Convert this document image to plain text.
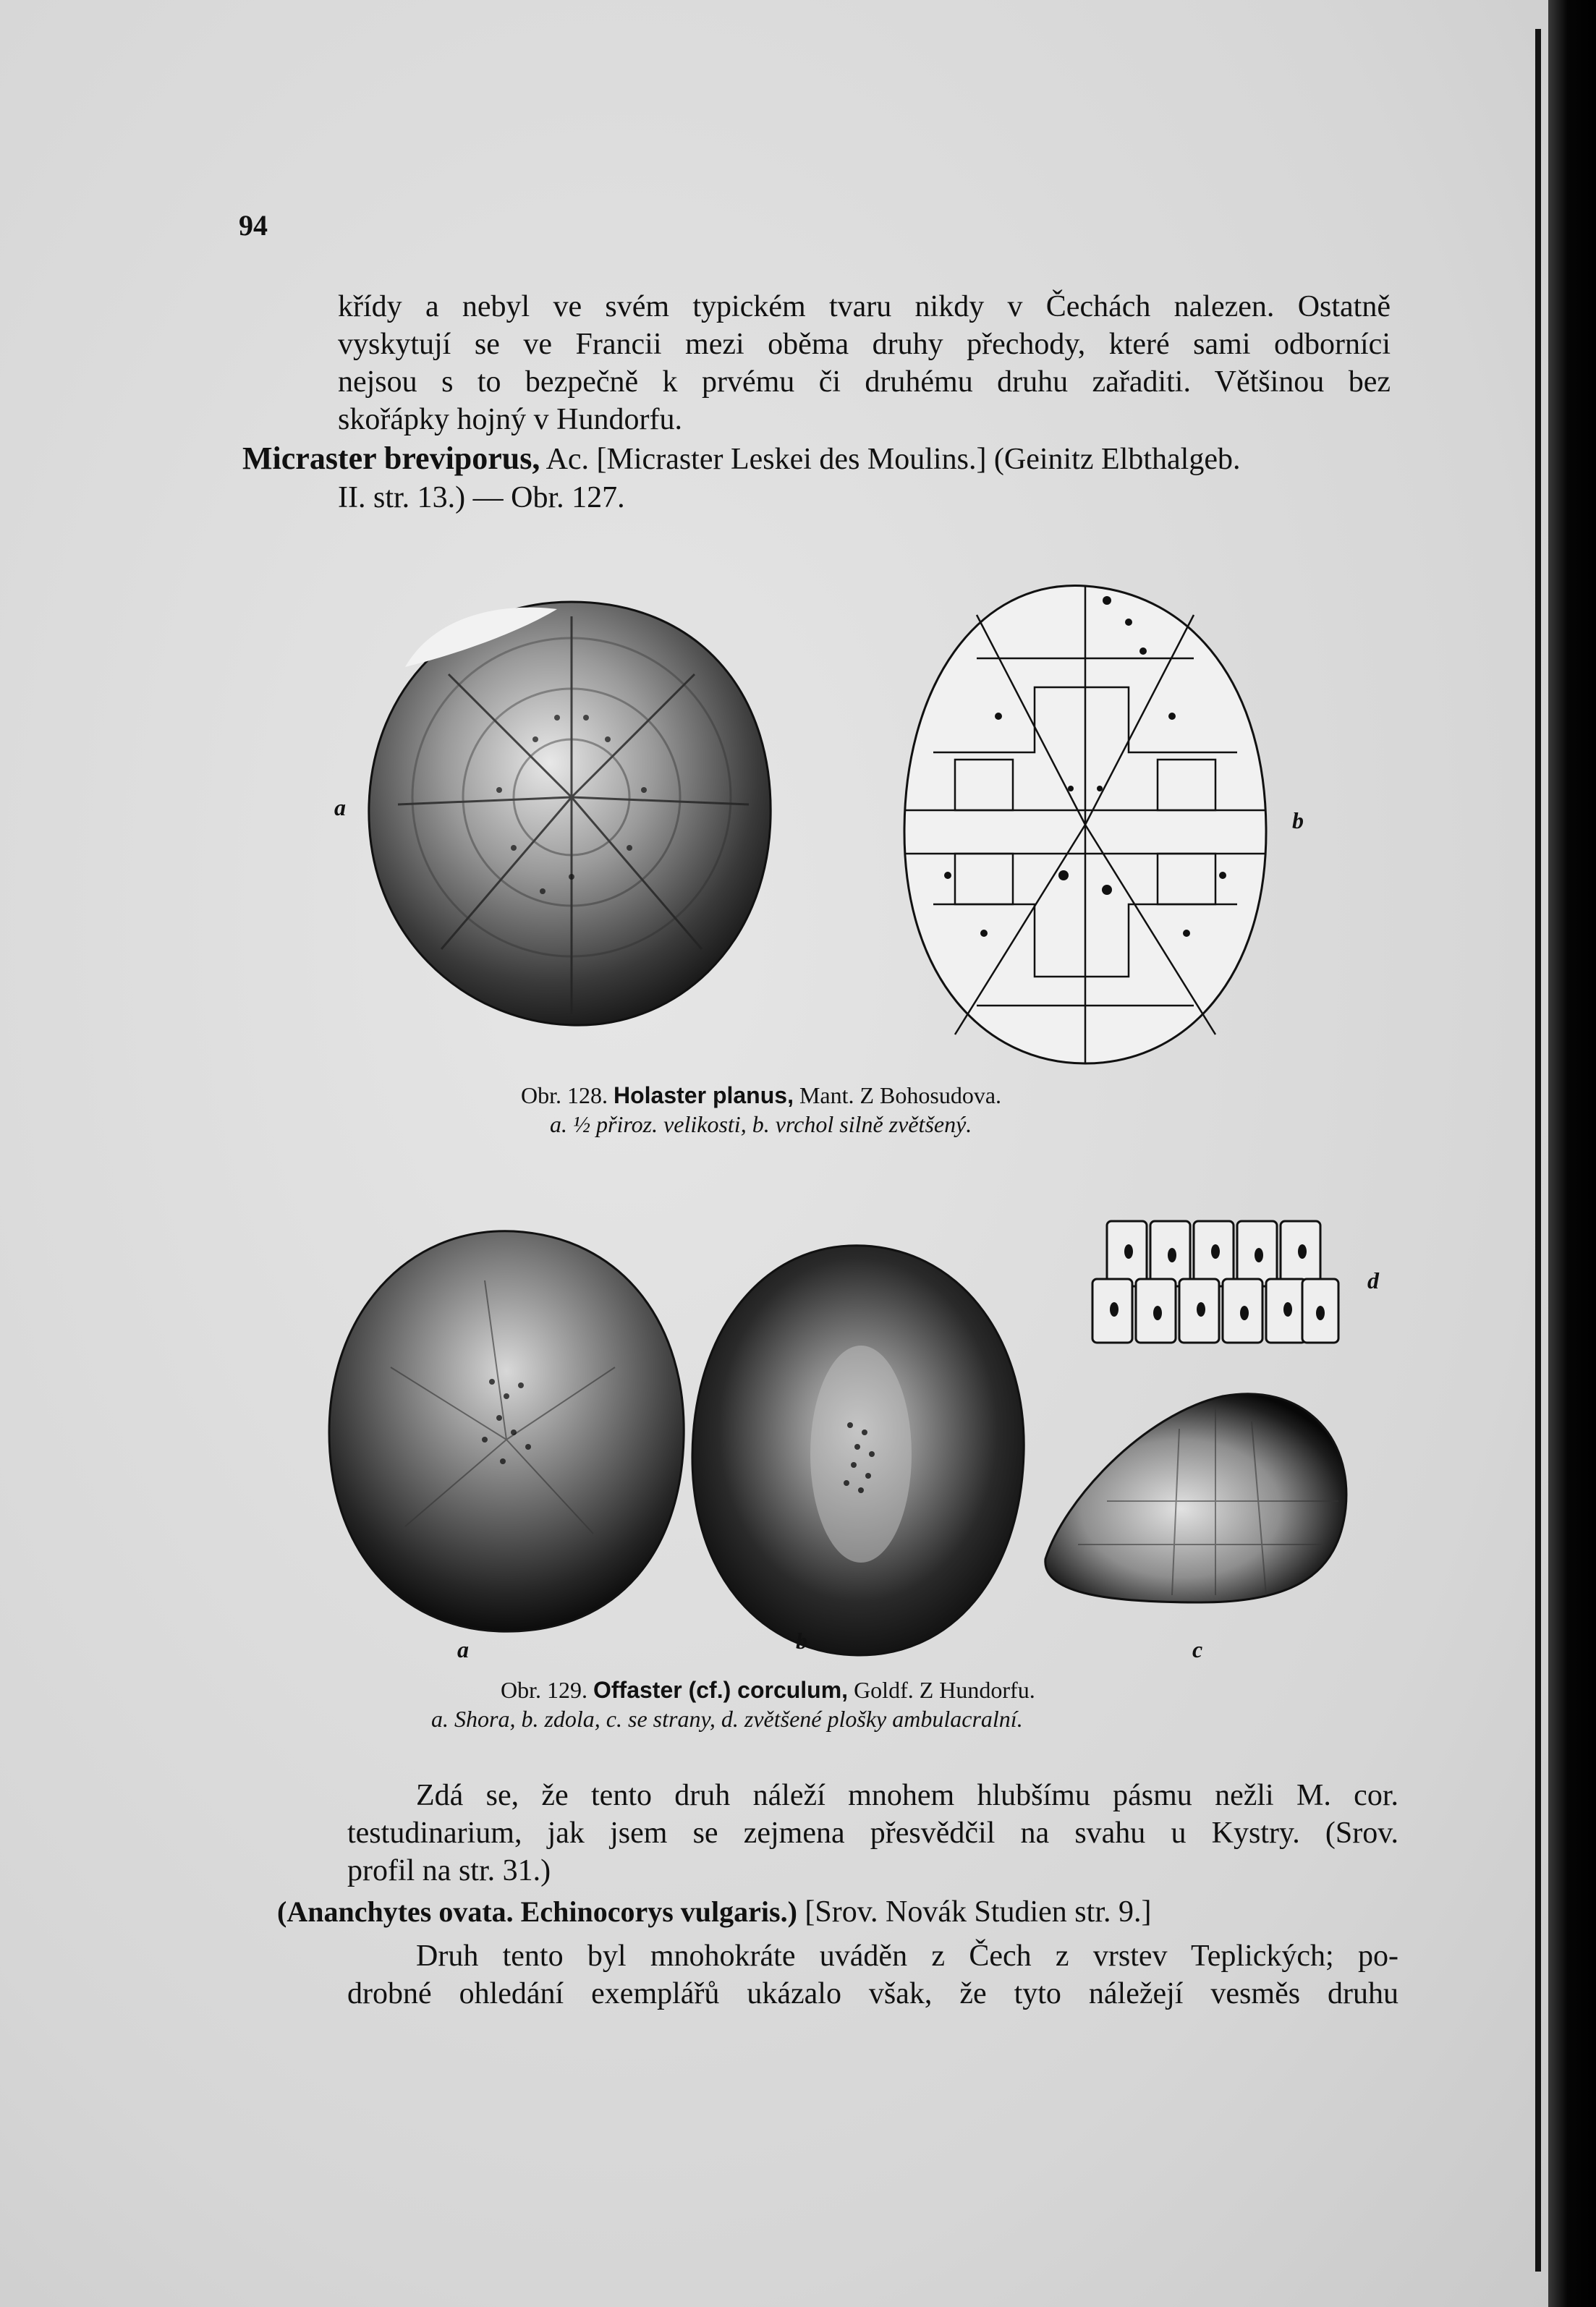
94
křídy a nebyl ve svém typickém tvaru nikdy v Čechách nalezen. Ostatně
vyskytují se ve Francii mezi oběma druhy přechody, které sami odborníci
nejsou s to bezpečně k prvému či druhému druhu zařaditi. Většinou bez
skořápky hojný v Hundorfu.
Micraster breviporus, Ac. [Micraster Leskei des Moulins.] (Geinitz Elbthalgeb.
II. str. 13.) — Obr. 127.
a	b
Obr. 128. Holaster planus, Mant. Z Bohosudova.
a. ½ přiroz. velikosti, b. vrchol silně zvětšený.
d
a	b	c
Obr. 129. Offaster (cf.) corculum, Goldf. Z Hundorfu.
a. Shora, b. zdola, c. se strany, d. zvětšené plošky ambulacralní.
Zdá se, že tento druh náleží mnohem hlubšímu pásmu nežli M. cor.
testudinarium, jak jsem se zejmena přesvědčil na svahu u Kystry. (Srov.
profil na str. 31.)
(Ananchytes ovata. Echinocorys vulgaris.) [Srov. Novák Studien str. 9.]
Druh tento byl mnohokráte uváděn z Čech z vrstev Teplických; po-
drobné ohledání exemplářů ukázalo však, že tyto náležejí vesměs druhu
